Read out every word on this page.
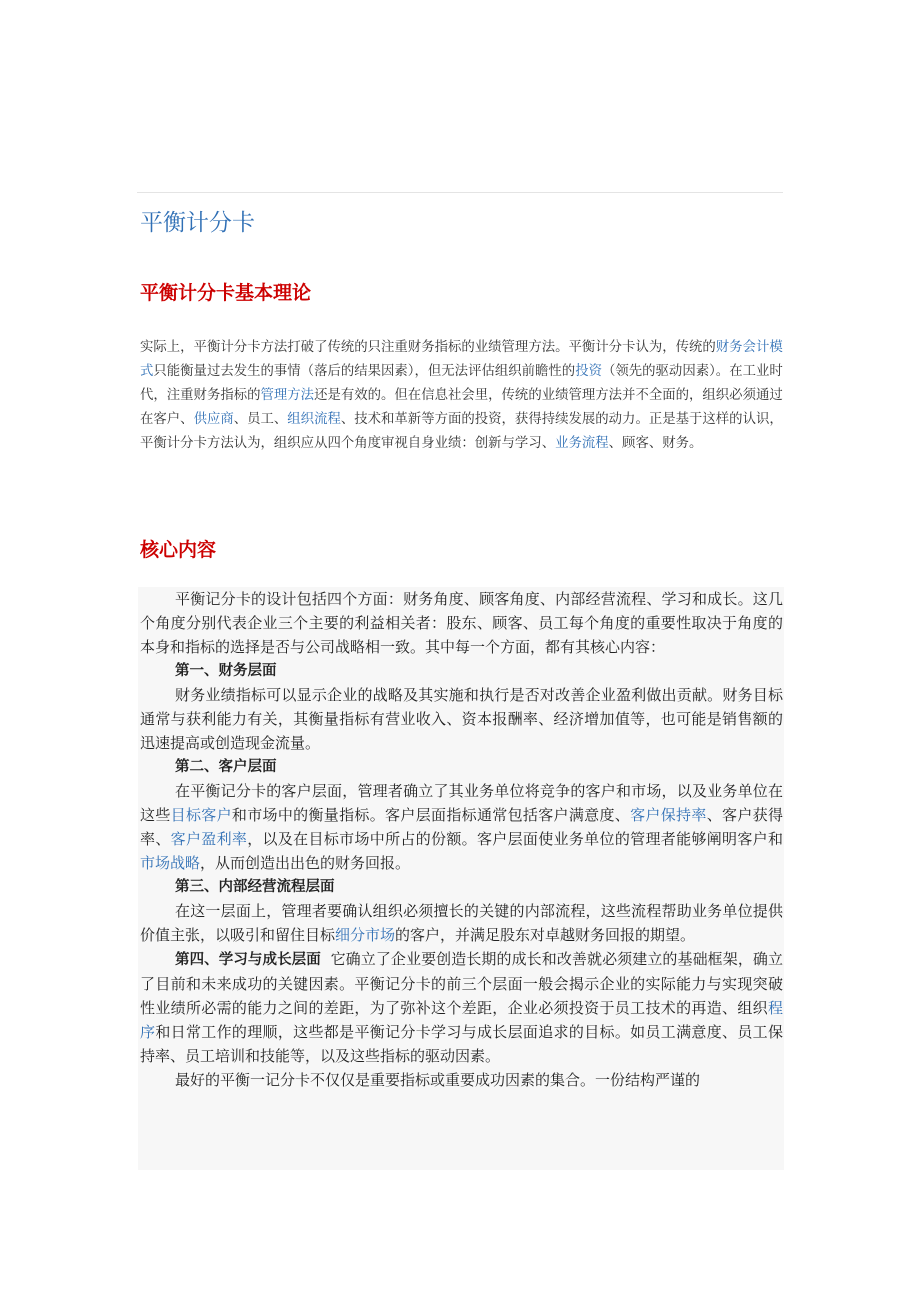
平衡计分卡
平衡计分卡基本理论

实际上，平衡计分卡方法打破了传统的只注重财务指标的业绩管理方法。平衡计分卡认为，传统的财务会计模式只能衡量过去发生的事情（落后的结果因素），但无法评估组织前瞻性的投资（领先的驱动因素）。在工业时代，注重财务指标的管理方法还是有效的。但在信息社会里，传统的业绩管理方法并不全面的，组织必须通过在客户、供应商、员工、组织流程、技术和革新等方面的投资，获得持续发展的动力。正是基于这样的认识，平衡计分卡方法认为，组织应从四个角度审视自身业绩：创新与学习、业务流程、顾客、财务。

核心内容

平衡记分卡的设计包括四个方面：财务角度、顾客角度、内部经营流程、学习和成长。这几个角度分别代表企业三个主要的利益相关者：股东、顾客、员工每个角度的重要性取决于角度的本身和指标的选择是否与公司战略相一致。其中每一个方面，都有其核心内容：

第一、财务层面

财务业绩指标可以显示企业的战略及其实施和执行是否对改善企业盈利做出贡献。财务目标通常与获利能力有关，其衡量指标有营业收入、资本报酬率、经济增加值等，也可能是销售额的迅速提高或创造现金流量。

第二、客户层面

在平衡记分卡的客户层面，管理者确立了其业务单位将竞争的客户和市场，以及业务单位在这些目标客户和市场中的衡量指标。客户层面指标通常包括客户满意度、客户保持率、客户获得率、客户盈利率，以及在目标市场中所占的份额。客户层面使业务单位的管理者能够阐明客户和市场战略，从而创造出出色的财务回报。

第三、内部经营流程层面

在这一层面上，管理者要确认组织必须擅长的关键的内部流程，这些流程帮助业务单位提供价值主张，以吸引和留住目标细分市场的客户，并满足股东对卓越财务回报的期望。

第四、学习与成长层面 它确立了企业要创造长期的成长和改善就必须建立的基础框架，确立了目前和未来成功的关键因素。平衡记分卡的前三个层面一般会揭示企业的实际能力与实现突破性业绩所必需的能力之间的差距，为了弥补这个差距，企业必须投资于员工技术的再造、组织程序和日常工作的理顺，这些都是平衡记分卡学习与成长层面追求的目标。如员工满意度、员工保持率、员工培训和技能等，以及这些指标的驱动因素。

最好的平衡一记分卡不仅仅是重要指标或重要成功因素的集合。一份结构严谨的
